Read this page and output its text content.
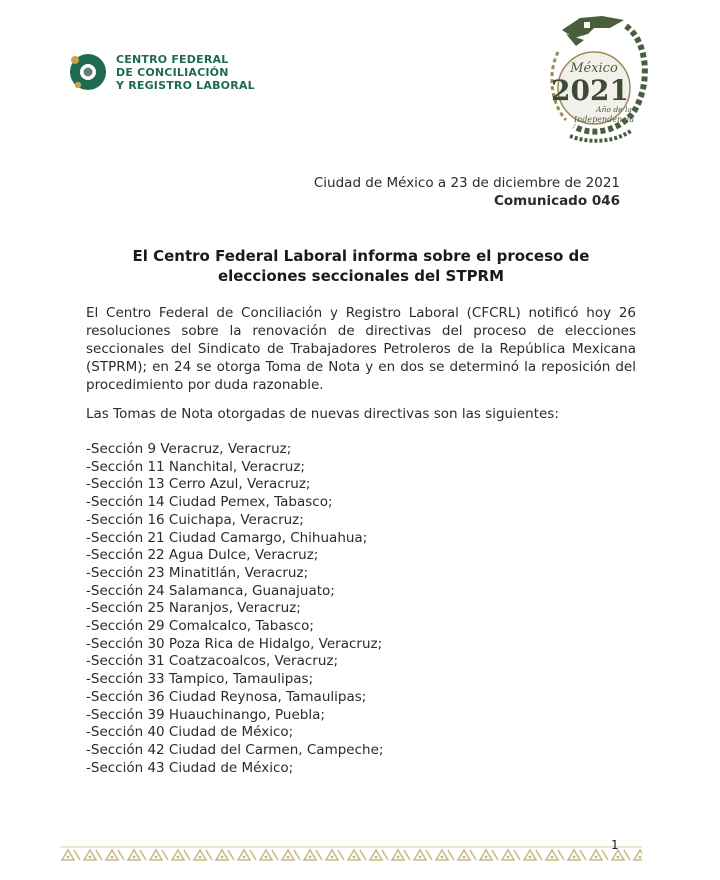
CENTRO FEDERAL
DE CONCILIACIÓN
Y REGISTRO LABORAL
México
2021
Año de la
Independencia
Ciudad de México a 23 de diciembre de 2021
Comunicado 046
El Centro Federal Laboral informa sobre el proceso de
elecciones seccionales del STPRM
El Centro Federal de Conciliación y Registro Laboral (CFCRL) notificó hoy 26 resoluciones sobre la renovación de directivas del proceso de elecciones seccionales del Sindicato de Trabajadores Petroleros de la República Mexicana (STPRM); en 24 se otorga Toma de Nota y en dos se determinó la reposición del procedimiento por duda razonable.
Las Tomas de Nota otorgadas de nuevas directivas son las siguientes:
-Sección 9 Veracruz, Veracruz;
-Sección 11 Nanchital, Veracruz;
-Sección 13 Cerro Azul, Veracruz;
-Sección 14 Ciudad Pemex, Tabasco;
-Sección 16 Cuichapa, Veracruz;
-Sección 21 Ciudad Camargo, Chihuahua;
-Sección 22 Agua Dulce, Veracruz;
-Sección 23 Minatitlán, Veracruz;
-Sección 24 Salamanca, Guanajuato;
-Sección 25 Naranjos, Veracruz;
-Sección 29 Comalcalco, Tabasco;
-Sección 30 Poza Rica de Hidalgo, Veracruz;
-Sección 31 Coatzacoalcos, Veracruz;
-Sección 33 Tampico, Tamaulipas;
-Sección 36 Ciudad Reynosa, Tamaulipas;
-Sección 39 Huauchinango, Puebla;
-Sección 40 Ciudad de México;
-Sección 42 Ciudad del Carmen, Campeche;
-Sección 43 Ciudad de México;
1
